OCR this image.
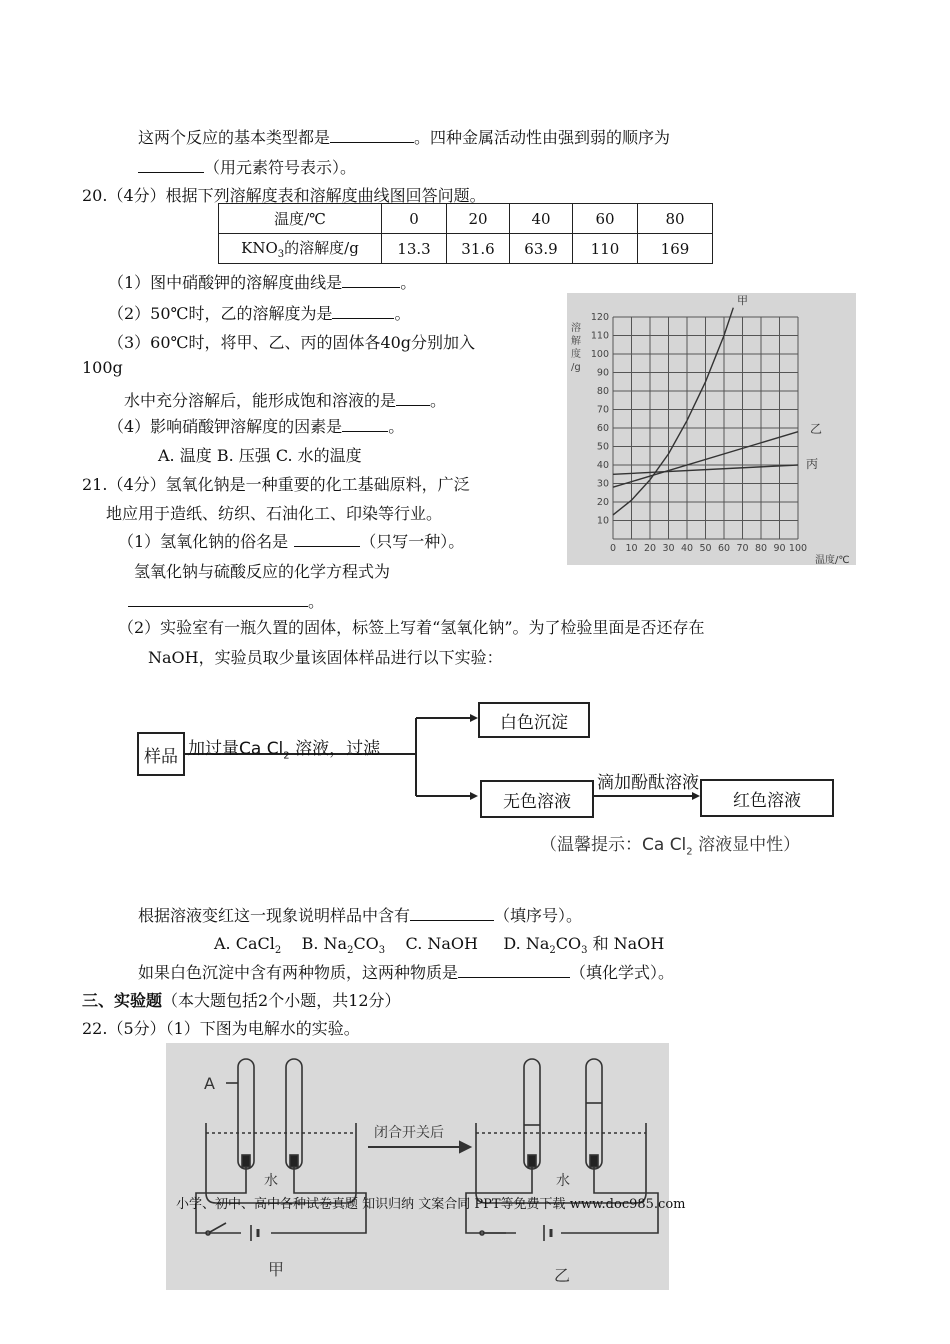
这两个反应的基本类型都是	。四种金属活动性由强到弱的顺序为
（用元素符号表示）。
20.（4分）根据下列溶解度表和溶解度曲线图回答问题。
温度/℃	0	20	40	60	80
$KNO_3$的溶解度/g	13.3	31.6	63.9	110	169
（1）图中硝酸钾的溶解度曲线是	。
（2）50℃时，乙的溶解度为是	。
（3）60℃时，将甲、乙、丙的固体各40g分别加入
100g
水中充分溶解后，能形成饱和溶液的是 。
（4）影响硝酸钾溶解度的因素是	。
A. 温度 B. 压强 C. 水的温度
溶
解
度
/g
120
110
100
90
80
70
60
50
40
30
20
10
0 10 20 30 40 50 60 70 80 90 100
甲
乙
丙
温度/℃
21.（4分）氢氧化钠是一种重要的化工基础原料，广泛
地应用于造纸、纺织、石油化工、印染等行业。
（1）氢氧化钠的俗名是	（只写一种）。
氢氧化钠与硫酸反应的化学方程式为
。
（2）实验室有一瓶久置的固体，标签上写着“氢氧化钠”。为了检验里面是否还存在
NaOH，实验员取少量该固体样品进行以下实验：
样品 加过量Ca $Cl_2$ 溶液，过滤
白色沉淀
无色溶液
滴加酚酞溶液
红色溶液
（温馨提示：Ca $Cl_2$ 溶液显中性）
根据溶液变红这一现象说明样品中含有	（填序号）。
A. CaCl$_2$ B. $Na_2CO_3$ C. NaOH D. $Na_2CO_3$ 和 NaOH
如果白色沉淀中含有两种物质，这两种物质是	（填化学式）。
三、实验题（本大题包括2个小题，共12分）
22.（5分）（1）下图为电解水的实验。
A
水
甲
闭合开关后
水
乙
小学、初中、高中各种试卷真题 知识归纳 文案合同 PPT等免费下载 www.doc985.com
